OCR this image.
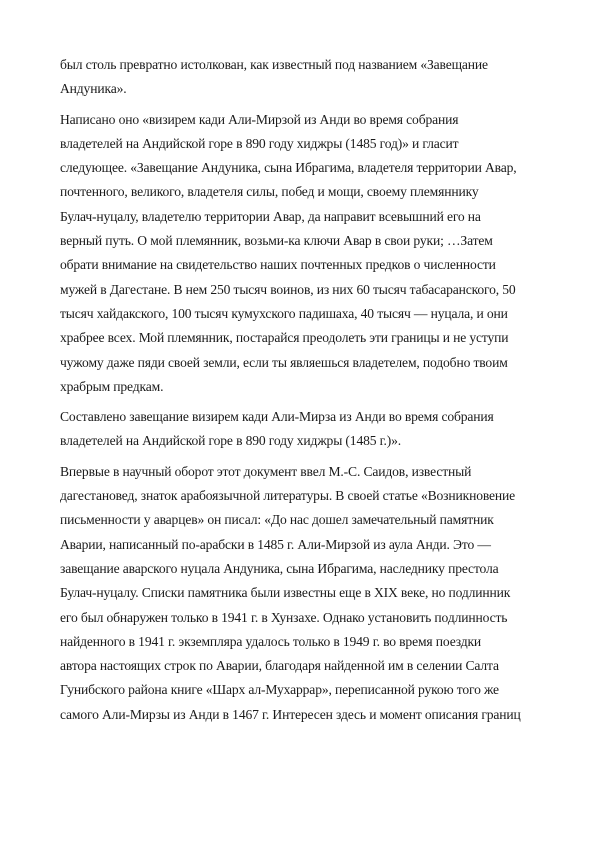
был столь превратно истолкован, как известный под названием «Завещание
Андуника».
Написано оно «визирем кади Али-Мирзой из Анди во время собрания
владетелей на Андийской горе в 890 году хиджры (1485 год)» и гласит
следующее. «Завещание Андуника, сына Ибрагима, владетеля территории Авар,
почтенного, великого, владетеля силы, побед и мощи, своему племяннику
Булач-нуцалу, владетелю территории Авар, да направит всевышний его на
верный путь. О мой племянник, возьми-ка ключи Авар в свои руки; …Затем
обрати внимание на свидетельство наших почтенных предков о численности
мужей в Дагестане. В нем 250 тысяч воинов, из них 60 тысяч табасаранского, 50
тысяч хайдакского, 100 тысяч кумухского падишаха, 40 тысяч — нуцала, и они
храбрее всех. Мой племянник, постарайся преодолеть эти границы и не уступи
чужому даже пяди своей земли, если ты являешься владетелем, подобно твоим
храбрым предкам.
Составлено завещание визирем кади Али-Мирза из Анди во время собрания
владетелей на Андийской горе в 890 году хиджры (1485 г.)».
Впервые в научный оборот этот документ ввел М.-С. Саидов, известный
дагестановед, знаток арабоязычной литературы. В своей статье «Возникновение
письменности у аварцев» он писал: «До нас дошел замечательный памятник
Аварии, написанный по-арабски в 1485 г. Али-Мирзой из аула Анди. Это —
завещание аварского нуцала Андуника, сына Ибрагима, наследнику престола
Булач-нуцалу. Списки памятника были известны еще в XIX веке, но подлинник
его был обнаружен только в 1941 г. в Хунзахе. Однако установить подлинность
найденного в 1941 г. экземпляра удалось только в 1949 г. во время поездки
автора настоящих строк по Аварии, благодаря найденной им в селении Салта
Гунибского района книге «Шарх ал-Мухаррар», переписанной рукою того же
самого Али-Мирзы из Анди в 1467 г. Интересен здесь и момент описания границ
